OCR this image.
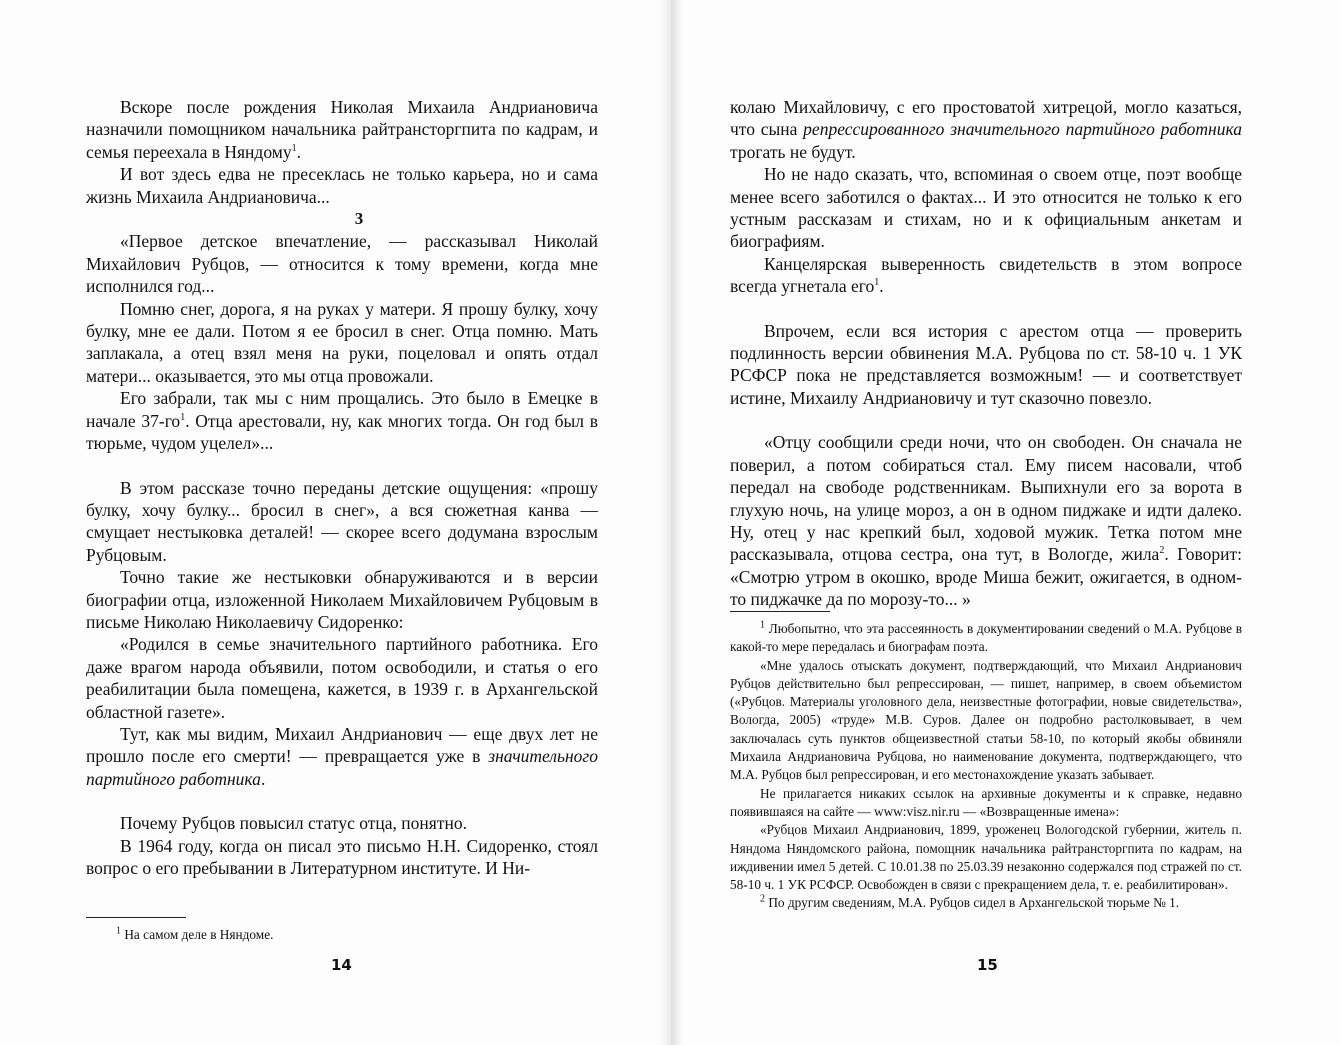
Вскоре после рождения Николая Михаила Андриановича назначили помощником начальника райтрансторгпита по кадрам, и семья переехала в Няндому$^1$.

И вот здесь едва не пресеклась не только карьера, но и сама жизнь Михаила Андриановича...

3

«Первое детское впечатление, — рассказывал Николай Михайлович Рубцов, — относится к тому времени, когда мне исполнился год...

Помню снег, дорога, я на руках у матери. Я прошу булку, хочу булку, мне ее дали. Потом я ее бросил в снег. Отца помню. Мать заплакала, а отец взял меня на руки, поцеловал и опять отдал матери... оказывается, это мы отца провожали.

Его забрали, так мы с ним прощались. Это было в Емецке в начале $37-го^1$. Отца арестовали, ну, как многих тогда. Он год был в тюрьме, чудом уцелел»...

В этом рассказе точно переданы детские ощущения: «прошу булку, хочу булку... бросил в снег», а вся сюжетная канва — смущает нестыковка деталей! — скорее всего додумана взрослым Рубцовым.

Точно такие же нестыковки обнаруживаются и в версии биографии отца, изложенной Николаем Михайловичем Рубцовым в письме Николаю Николаевичу Сидоренко:

«Родился в семье значительного партийного работника. Его даже врагом народа объявили, потом освободили, и статья о его реабилитации была помещена, кажется, в 1939 г. в Архангельской областной газете».

Тут, как мы видим, Михаил Андрианович — еще двух лет не прошло после его смерти! — превращается уже в значительного партийного работника.

Почему Рубцов повысил статус отца, понятно.

В 1964 году, когда он писал это письмо Н.Н. Сидоренко, стоял вопрос о его пребывании в Литературном институте. И Ни-

$^1$ На самом деле в Няндоме.

14

колаю Михайловичу, с его простоватой хитрецой, могло казаться, что сына репрессированного значительного партийного работника трогать не будут.

Но не надо сказать, что, вспоминая о своем отце, поэт вообще менее всего заботился о фактах... И это относится не только к его устным рассказам и стихам, но и к официальным анкетам и биографиям.

Канцелярская выверенность свидетельств в этом вопросе всегда угнетала его$^1$.

Впрочем, если вся история с арестом отца — проверить подлинность версии обвинения М.А. Рубцова по ст. 58-10 ч. 1 УК РСФСР пока не представляется возможным! — и соответствует истине, Михаилу Андриановичу и тут сказочно повезло.

«Отцу сообщили среди ночи, что он свободен. Он сначала не поверил, а потом собираться стал. Ему писем насовали, чтоб передал на свободе родственникам. Выпихнули его за ворота в глухую ночь, на улице мороз, а он в одном пиджаке и идти далеко. Ну, отец у нас крепкий был, ходовой мужик. Тетка потом мне рассказывала, отцова сестра, она тут, в Вологде, жила$^2$. Говорит: «Смотрю утром в окошко, вроде Миша бежит, ожигается, в одном-то пиджачке да по морозу-то... »

$^1$ Любопытно, что эта рассеянность в документировании сведений о М.А. Рубцове в какой-то мере передалась и биографам поэта.

«Мне удалось отыскать документ, подтверждающий, что Михаил Андрианович Рубцов действительно был репрессирован, — пишет, например, в своем объемистом («Рубцов. Материалы уголовного дела, неизвестные фотографии, новые свидетельства», Вологда, 2005) «труде» М.В. Суров. Далее он подробно растолковывает, в чем заключалась суть пунктов общеизвестной статьи 58-10, по который якобы обвиняли Михаила Андриановича Рубцова, но наименование документа, подтверждающего, что М.А. Рубцов был репрессирован, и его местонахождение указать забывает.

Не прилагается никаких ссылок на архивные документы и к справке, недавно появившаяся на сайте — www:visz.nir.ru — «Возвращенные имена»:

«Рубцов Михаил Андрианович, 1899, уроженец Вологодской губернии, житель п. Няндома Няндомского района, помощник начальника райтрансторгпита по кадрам, на иждивении имел 5 детей. С 10.01.38 по 25.03.39 незаконно содержался под стражей по ст. 58-10 ч. 1 УК РСФСР. Освобожден в связи с прекращением дела, т. е. реабилитирован».

$^2$ По другим сведениям, М.А. Рубцов сидел в Архангельской тюрьме № 1.

15
